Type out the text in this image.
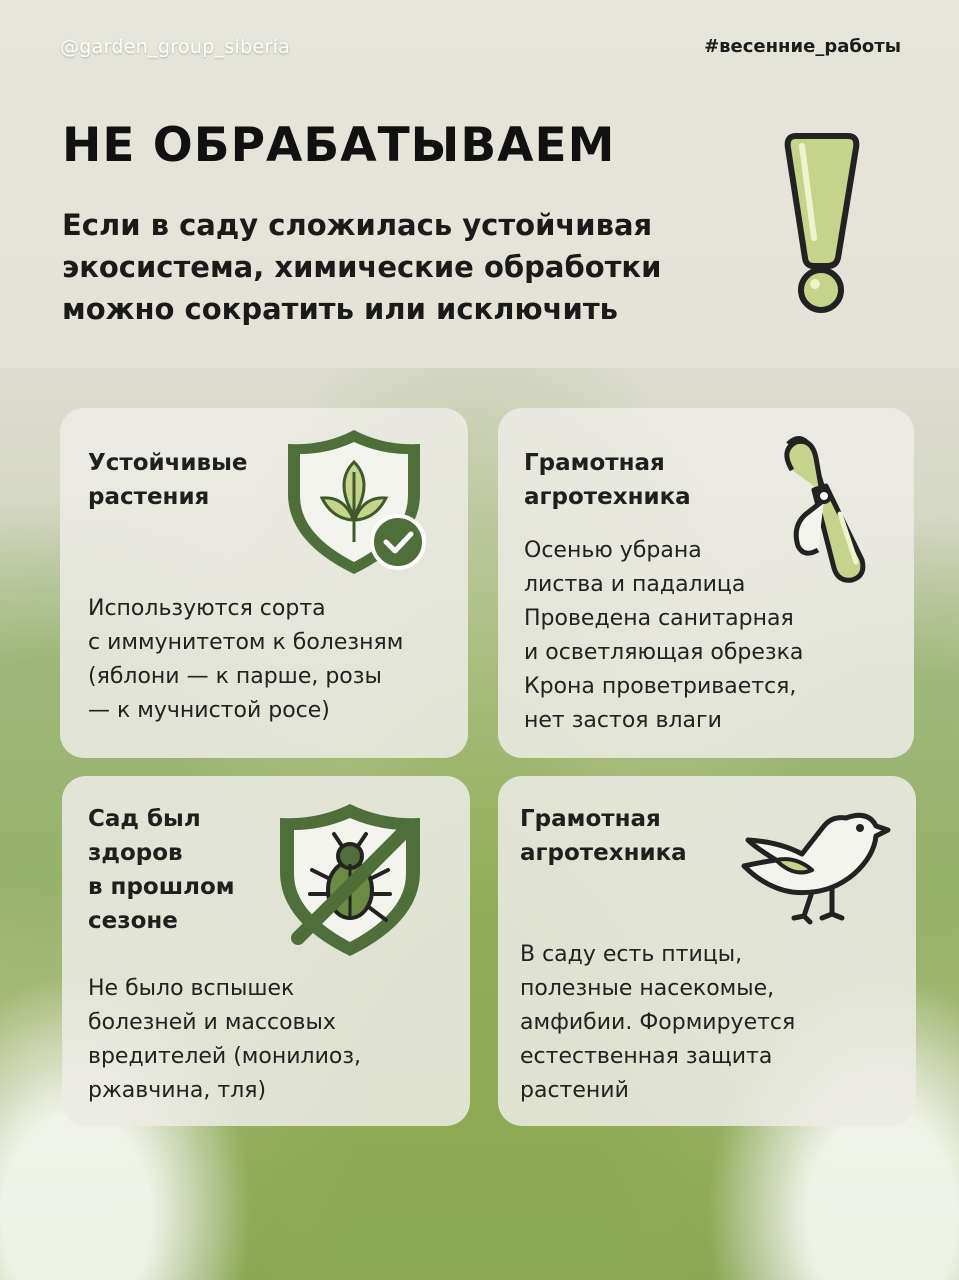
@garden_group_siberia	#весенние_работы
НЕ ОБРАБАТЫВАЕМ
Если в саду сложилась устойчивая
экосистема, химические обработки
можно сократить или исключить
Устойчивые
растения
Используются сорта
с иммунитетом к болезням
(яблони — к парше, розы
— к мучнистой росе)
Грамотная
агротехника
Осенью убрана
листва и падалица
Проведена санитарная
и осветляющая обрезка
Крона проветривается,
нет застоя влаги
Сад был
здоров
в прошлом
сезоне
Не было вспышек
болезней и массовых
вредителей (монилиоз,
ржавчина, тля)
Грамотная
агротехника
В саду есть птицы,
полезные насекомые,
амфибии. Формируется
естественная защита
растений
